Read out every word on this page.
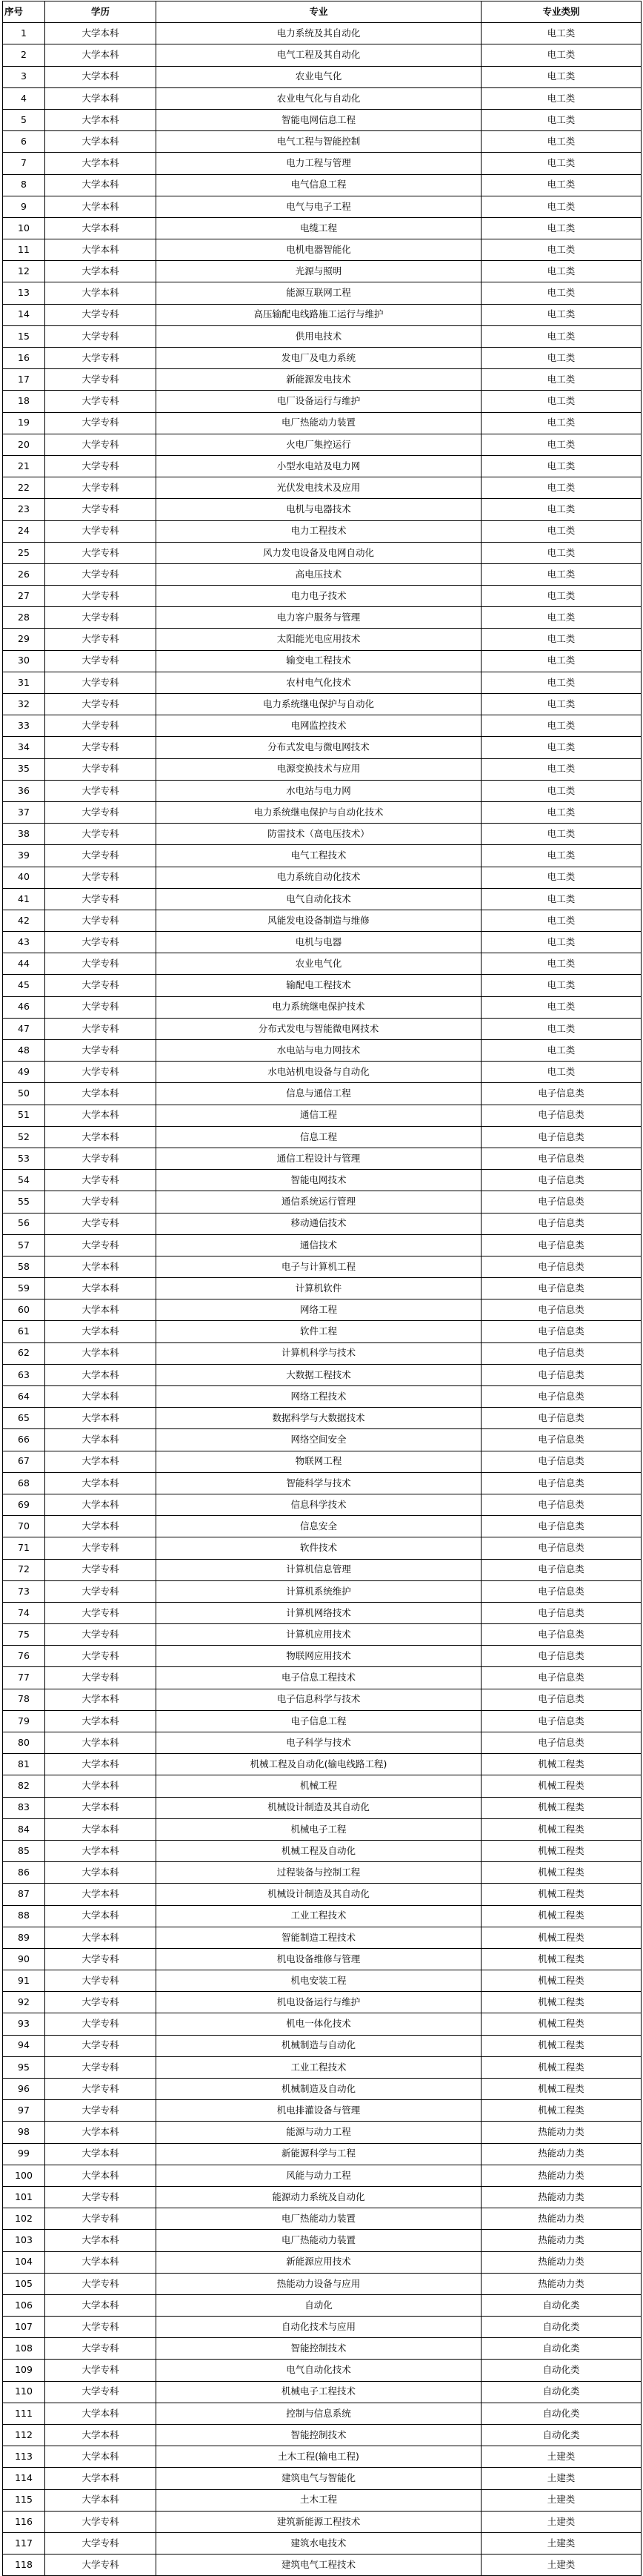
序号	学历	专业	专业类别
1	大学本科	电力系统及其自动化	电工类
2	大学本科	电气工程及其自动化	电工类
3	大学本科	农业电气化	电工类
4	大学本科	农业电气化与自动化	电工类
5	大学本科	智能电网信息工程	电工类
6	大学本科	电气工程与智能控制	电工类
7	大学本科	电力工程与管理	电工类
8	大学本科	电气信息工程	电工类
9	大学本科	电气与电子工程	电工类
10	大学本科	电缆工程	电工类
11	大学本科	电机电器智能化	电工类
12	大学本科	光源与照明	电工类
13	大学本科	能源互联网工程	电工类
14	大学专科	高压输配电线路施工运行与维护	电工类
15	大学专科	供用电技术	电工类
16	大学专科	发电厂及电力系统	电工类
17	大学专科	新能源发电技术	电工类
18	大学专科	电厂设备运行与维护	电工类
19	大学专科	电厂热能动力装置	电工类
20	大学专科	火电厂集控运行	电工类
21	大学专科	小型水电站及电力网	电工类
22	大学专科	光伏发电技术及应用	电工类
23	大学专科	电机与电器技术	电工类
24	大学专科	电力工程技术	电工类
25	大学专科	风力发电设备及电网自动化	电工类
26	大学专科	高电压技术	电工类
27	大学专科	电力电子技术	电工类
28	大学专科	电力客户服务与管理	电工类
29	大学专科	太阳能光电应用技术	电工类
30	大学专科	输变电工程技术	电工类
31	大学专科	农村电气化技术	电工类
32	大学专科	电力系统继电保护与自动化	电工类
33	大学专科	电网监控技术	电工类
34	大学专科	分布式发电与微电网技术	电工类
35	大学专科	电源变换技术与应用	电工类
36	大学专科	水电站与电力网	电工类
37	大学专科	电力系统继电保护与自动化技术	电工类
38	大学专科	防雷技术（高电压技术）	电工类
39	大学专科	电气工程技术	电工类
40	大学专科	电力系统自动化技术	电工类
41	大学专科	电气自动化技术	电工类
42	大学专科	风能发电设备制造与维修	电工类
43	大学专科	电机与电器	电工类
44	大学专科	农业电气化	电工类
45	大学专科	输配电工程技术	电工类
46	大学专科	电力系统继电保护技术	电工类
47	大学专科	分布式发电与智能微电网技术	电工类
48	大学专科	水电站与电力网技术	电工类
49	大学专科	水电站机电设备与自动化	电工类
50	大学本科	信息与通信工程	电子信息类
51	大学本科	通信工程	电子信息类
52	大学本科	信息工程	电子信息类
53	大学专科	通信工程设计与管理	电子信息类
54	大学专科	智能电网技术	电子信息类
55	大学专科	通信系统运行管理	电子信息类
56	大学专科	移动通信技术	电子信息类
57	大学专科	通信技术	电子信息类
58	大学本科	电子与计算机工程	电子信息类
59	大学本科	计算机软件	电子信息类
60	大学本科	网络工程	电子信息类
61	大学本科	软件工程	电子信息类
62	大学本科	计算机科学与技术	电子信息类
63	大学本科	大数据工程技术	电子信息类
64	大学本科	网络工程技术	电子信息类
65	大学本科	数据科学与大数据技术	电子信息类
66	大学本科	网络空间安全	电子信息类
67	大学本科	物联网工程	电子信息类
68	大学本科	智能科学与技术	电子信息类
69	大学本科	信息科学技术	电子信息类
70	大学本科	信息安全	电子信息类
71	大学专科	软件技术	电子信息类
72	大学专科	计算机信息管理	电子信息类
73	大学专科	计算机系统维护	电子信息类
74	大学专科	计算机网络技术	电子信息类
75	大学专科	计算机应用技术	电子信息类
76	大学专科	物联网应用技术	电子信息类
77	大学专科	电子信息工程技术	电子信息类
78	大学本科	电子信息科学与技术	电子信息类
79	大学本科	电子信息工程	电子信息类
80	大学本科	电子科学与技术	电子信息类
81	大学本科	机械工程及自动化(输电线路工程)	机械工程类
82	大学本科	机械工程	机械工程类
83	大学本科	机械设计制造及其自动化	机械工程类
84	大学本科	机械电子工程	机械工程类
85	大学本科	机械工程及自动化	机械工程类
86	大学本科	过程装备与控制工程	机械工程类
87	大学本科	机械设计制造及其自动化	机械工程类
88	大学本科	工业工程技术	机械工程类
89	大学本科	智能制造工程技术	机械工程类
90	大学专科	机电设备维修与管理	机械工程类
91	大学专科	机电安装工程	机械工程类
92	大学专科	机电设备运行与维护	机械工程类
93	大学专科	机电一体化技术	机械工程类
94	大学专科	机械制造与自动化	机械工程类
95	大学专科	工业工程技术	机械工程类
96	大学专科	机械制造及自动化	机械工程类
97	大学专科	机电排灌设备与管理	机械工程类
98	大学本科	能源与动力工程	热能动力类
99	大学本科	新能源科学与工程	热能动力类
100	大学本科	风能与动力工程	热能动力类
101	大学专科	能源动力系统及自动化	热能动力类
102	大学专科	电厂热能动力装置	热能动力类
103	大学本科	电厂热能动力装置	热能动力类
104	大学本科	新能源应用技术	热能动力类
105	大学专科	热能动力设备与应用	热能动力类
106	大学本科	自动化	自动化类
107	大学专科	自动化技术与应用	自动化类
108	大学专科	智能控制技术	自动化类
109	大学专科	电气自动化技术	自动化类
110	大学专科	机械电子工程技术	自动化类
111	大学本科	控制与信息系统	自动化类
112	大学本科	智能控制技术	自动化类
113	大学本科	土木工程(输电工程)	土建类
114	大学本科	建筑电气与智能化	土建类
115	大学本科	土木工程	土建类
116	大学专科	建筑新能源工程技术	土建类
117	大学专科	建筑水电技术	土建类
118	大学专科	建筑电气工程技术	土建类
